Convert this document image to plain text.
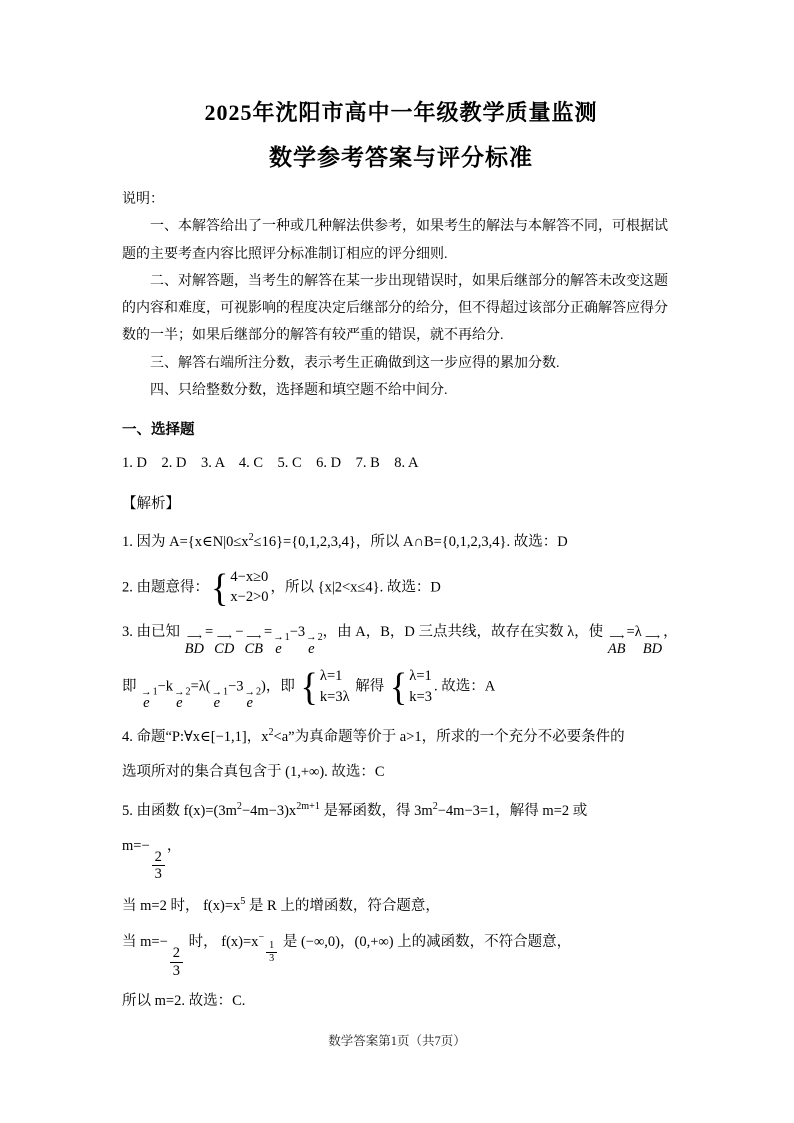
2025年沈阳市高中一年级教学质量监测
数学参考答案与评分标准

说明：

一、本解答给出了一种或几种解法供参考，如果考生的解法与本解答不同，可根据试题的主要考查内容比照评分标准制订相应的评分细则.

二、对解答题，当考生的解答在某一步出现错误时，如果后继部分的解答未改变这题的内容和难度，可视影响的程度决定后继部分的给分，但不得超过该部分正确解答应得分数的一半；如果后继部分的解答有较严重的错误，就不再给分.

三、解答右端所注分数，表示考生正确做到这一步应得的累加分数.

四、只给整数分数，选择题和填空题不给中间分.

一、选择题

1. D　2. D　3. A　4. C　5. C　6. D　7. B　8. A

【解析】

1. 因为 $A=\{x\in N|0\le x^2\le 16\}=\{0,1,2,3,4\}$，所以 A∩B={0,1,2,3,4}. 故选：D

2. 由题意得： { 4−x≥0
x−2>0
，所以 {x|2<x≤4}. 故选：D

3. 由已知 ⟶
BD
= ⟶
CD
− ⟶
CB
= →
e
$_1$−3 →
e
$_2$，由 A，B，D 三点共线，故存在实数 λ，使 ⟶
AB
=λ ⟶
BD
，

即 →
e
$_1$−k →
e
$_2$=λ( →
e
$_1$−3 →
e
$_2$)，即 { λ=1
k=3λ
解得 { λ=1
k=3
. 故选：A

4. 命题“P:∀x∈[−1,1]，$x^2<a$”为真命题等价于 a>1，所求的一个充分不必要条件的

选项所对的集合真包含于 (1,+∞). 故选：C

5. 由函数 $f(x)=(3m^2-4m-3)x^{2m+1}$ 是幂函数，得 $3m^2-4m-3=1$，解得 m=2 或

m=−
$\frac{2}{3}$
，

当 m=2 时， $f(x)=x^5$ 是 R 上的增函数，符合题意，

当 m=−
$\frac{2}{3}$
时， $f(x)=x^{- \frac{1}{3}}$ 是 (−∞,0)，(0,+∞) 上的减函数，不符合题意，

所以 m=2. 故选：C.

数学答案第1页（共7页）
